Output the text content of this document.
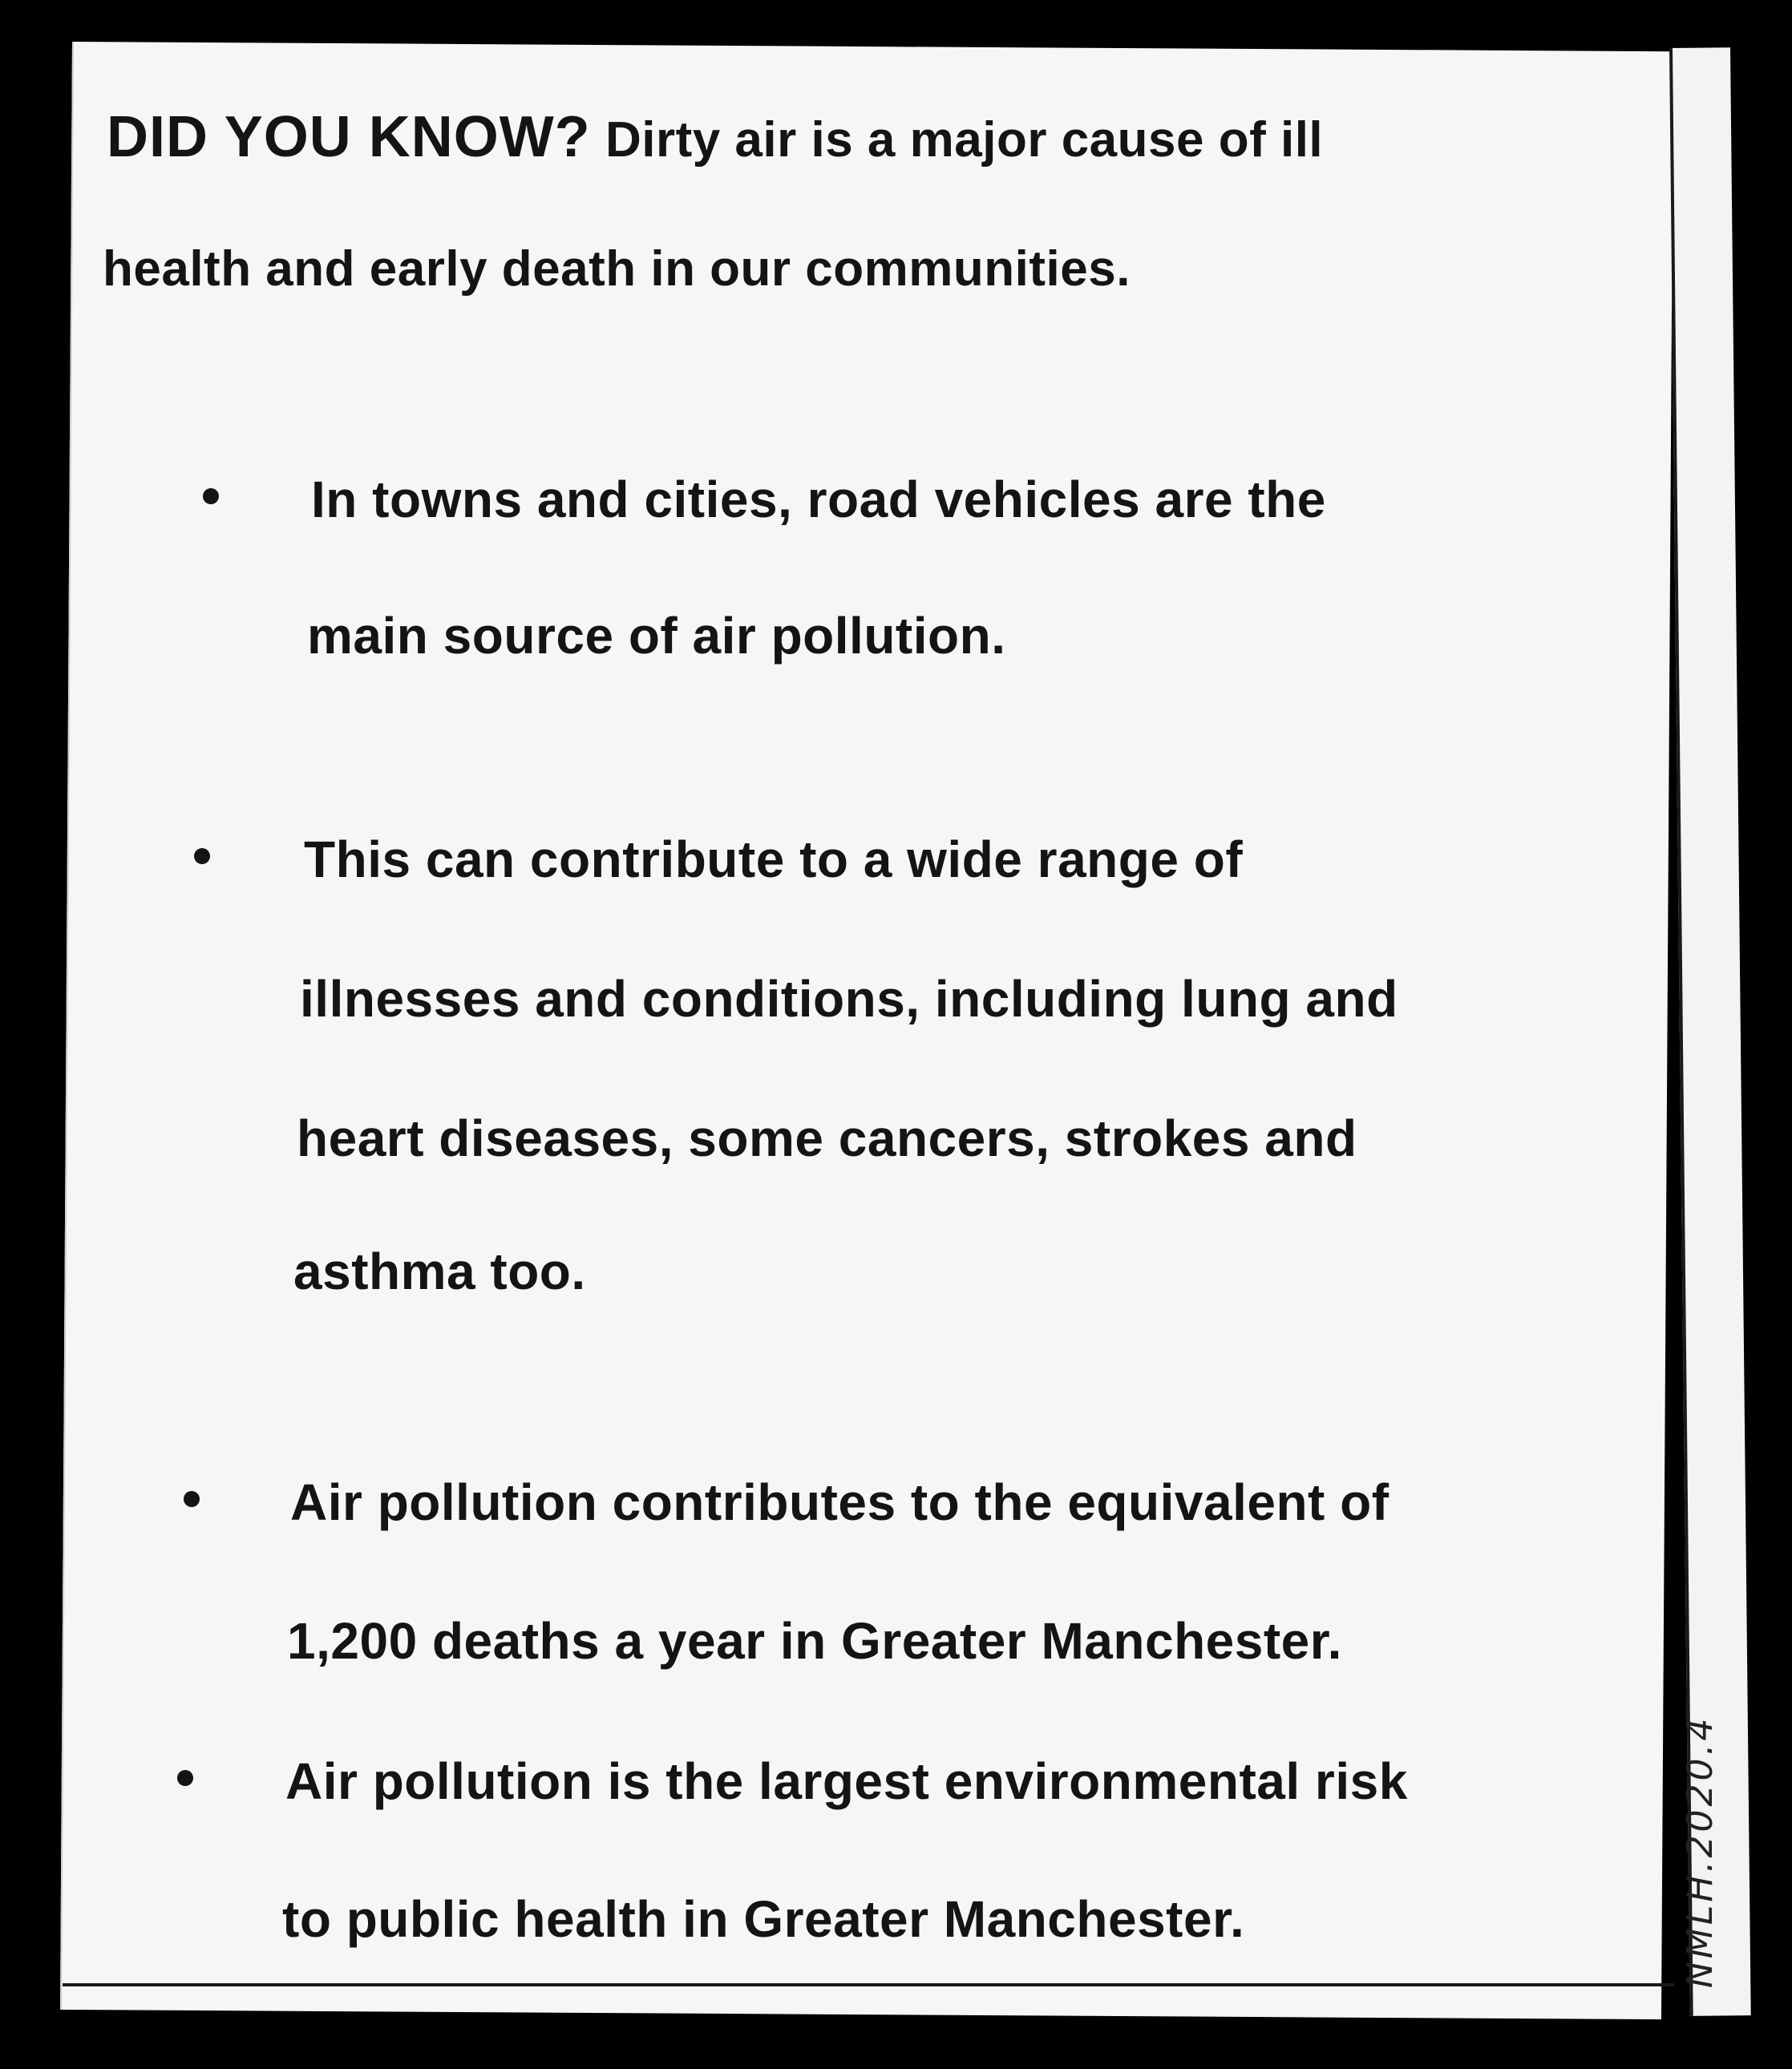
DID YOU KNOW? Dirty air is a major cause of ill
health and early death in our communities.
In towns and cities, road vehicles are the
main source of air pollution.
This can contribute to a wide range of
illnesses and conditions, including lung and
heart diseases, some cancers, strokes and
asthma too.
Air pollution contributes to the equivalent of
1,200 deaths a year in Greater Manchester.
Air pollution is the largest environmental risk
to public health in Greater Manchester.	NMLH.2020.4
